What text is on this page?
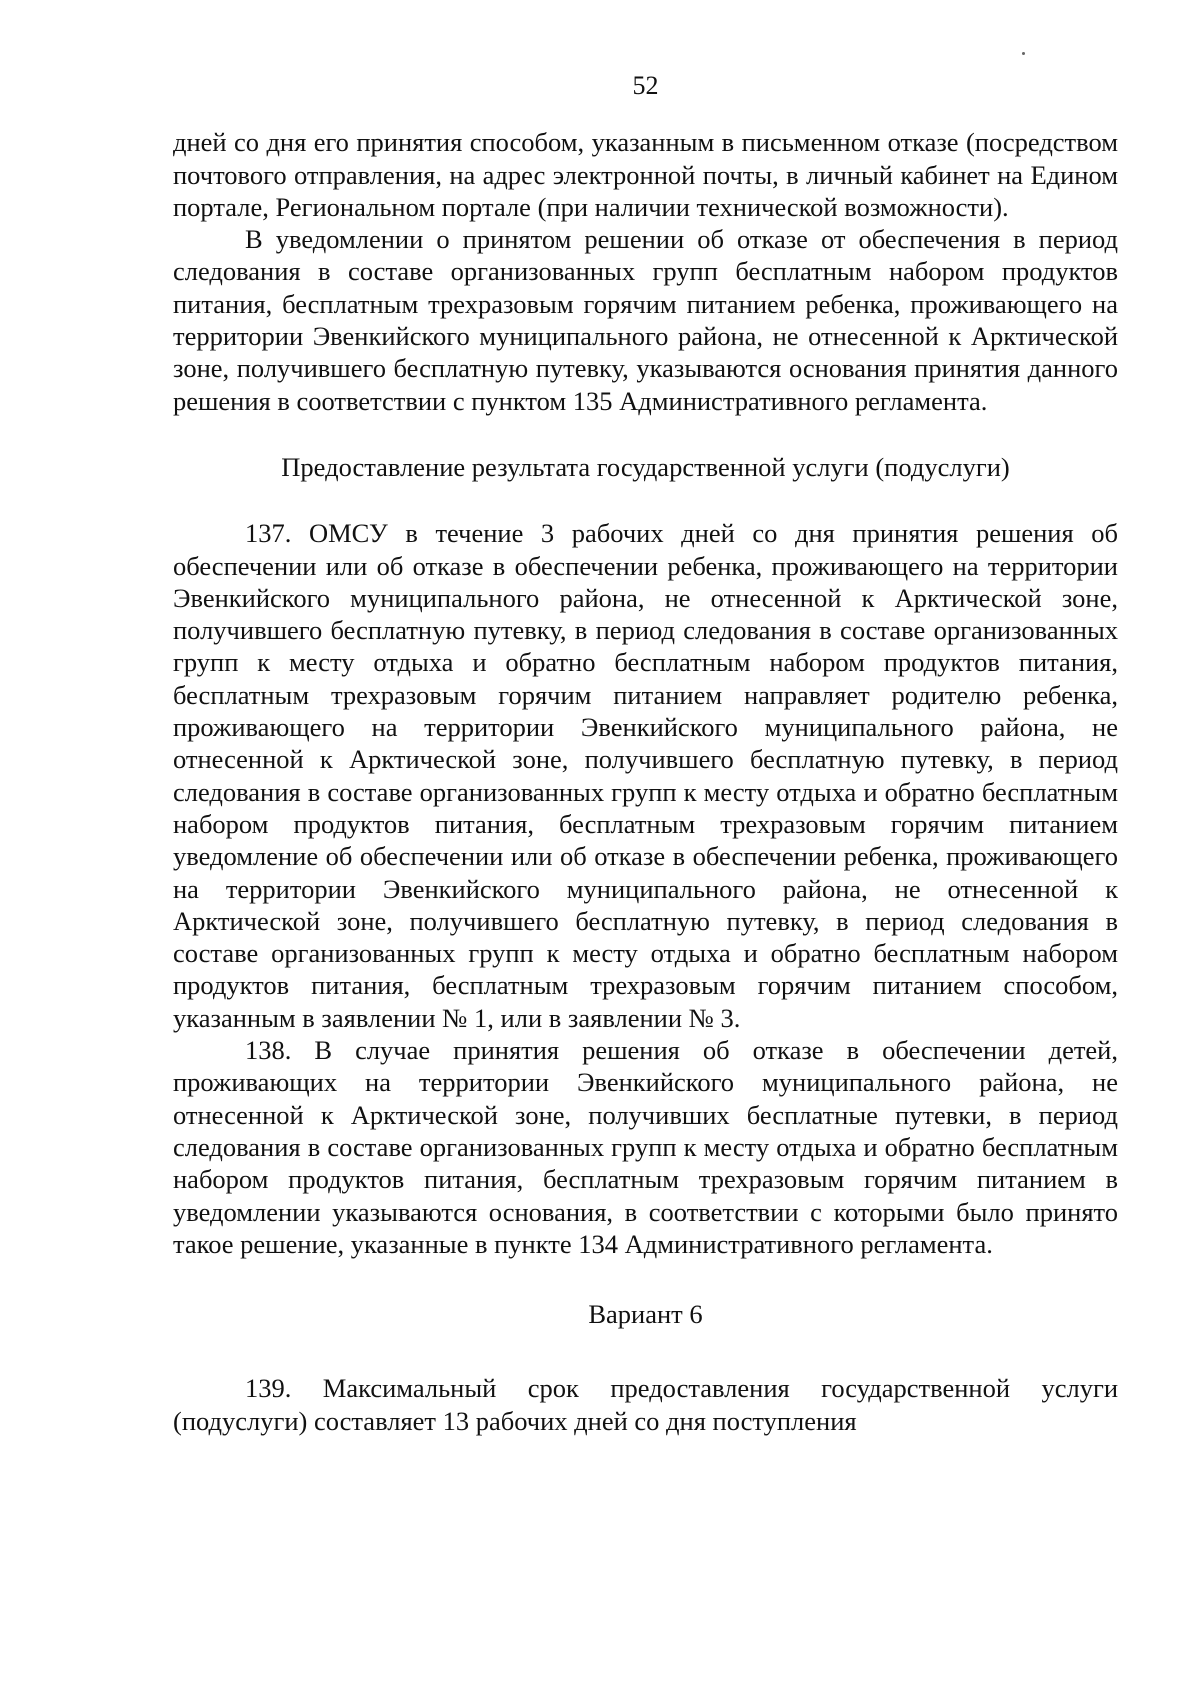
52

дней со дня его принятия способом, указанным в письменном отказе (посредством почтового отправления, на адрес электронной почты, в личный кабинет на Едином портале, Региональном портале (при наличии технической возможности).

В уведомлении о принятом решении об отказе от обеспечения в период следования в составе организованных групп бесплатным набором продуктов питания, бесплатным трехразовым горячим питанием ребенка, проживающего на территории Эвенкийского муниципального района, не отнесенной к Арктической зоне, получившего бесплатную путевку, указываются основания принятия данного решения в соответствии с пунктом 135 Административного регламента.

Предоставление результата государственной услуги (подуслуги)

137. ОМСУ в течение 3 рабочих дней со дня принятия решения об обеспечении или об отказе в обеспечении ребенка, проживающего на территории Эвенкийского муниципального района, не отнесенной к Арктической зоне, получившего бесплатную путевку, в период следования в составе организованных групп к месту отдыха и обратно бесплатным набором продуктов питания, бесплатным трехразовым горячим питанием направляет родителю ребенка, проживающего на территории Эвенкийского муниципального района, не отнесенной к Арктической зоне, получившего бесплатную путевку, в период следования в составе организованных групп к месту отдыха и обратно бесплатным набором продуктов питания, бесплатным трехразовым горячим питанием уведомление об обеспечении или об отказе в обеспечении ребенка, проживающего на территории Эвенкийского муниципального района, не отнесенной к Арктической зоне, получившего бесплатную путевку, в период следования в составе организованных групп к месту отдыха и обратно бесплатным набором продуктов питания, бесплатным трехразовым горячим питанием способом, указанным в заявлении № 1, или в заявлении № 3.

138. В случае принятия решения об отказе в обеспечении детей, проживающих на территории Эвенкийского муниципального района, не отнесенной к Арктической зоне, получивших бесплатные путевки, в период следования в составе организованных групп к месту отдыха и обратно бесплатным набором продуктов питания, бесплатным трехразовым горячим питанием в уведомлении указываются основания, в соответствии с которыми было принято такое решение, указанные в пункте 134 Административного регламента.

Вариант 6

139. Максимальный срок предоставления государственной услуги (подуслуги) составляет 13 рабочих дней со дня поступления
